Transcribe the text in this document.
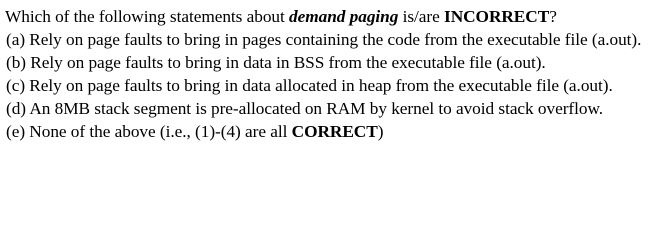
Which of the following statements about demand paging is/are INCORRECT?
(a) Rely on page faults to bring in pages containing the code from the executable file (a.out).
(b) Rely on page faults to bring in data in BSS from the executable file (a.out).
(c) Rely on page faults to bring in data allocated in heap from the executable file (a.out).
(d) An 8MB stack segment is pre-allocated on RAM by kernel to avoid stack overflow.
(e) None of the above (i.e., (1)-(4) are all CORRECT)
